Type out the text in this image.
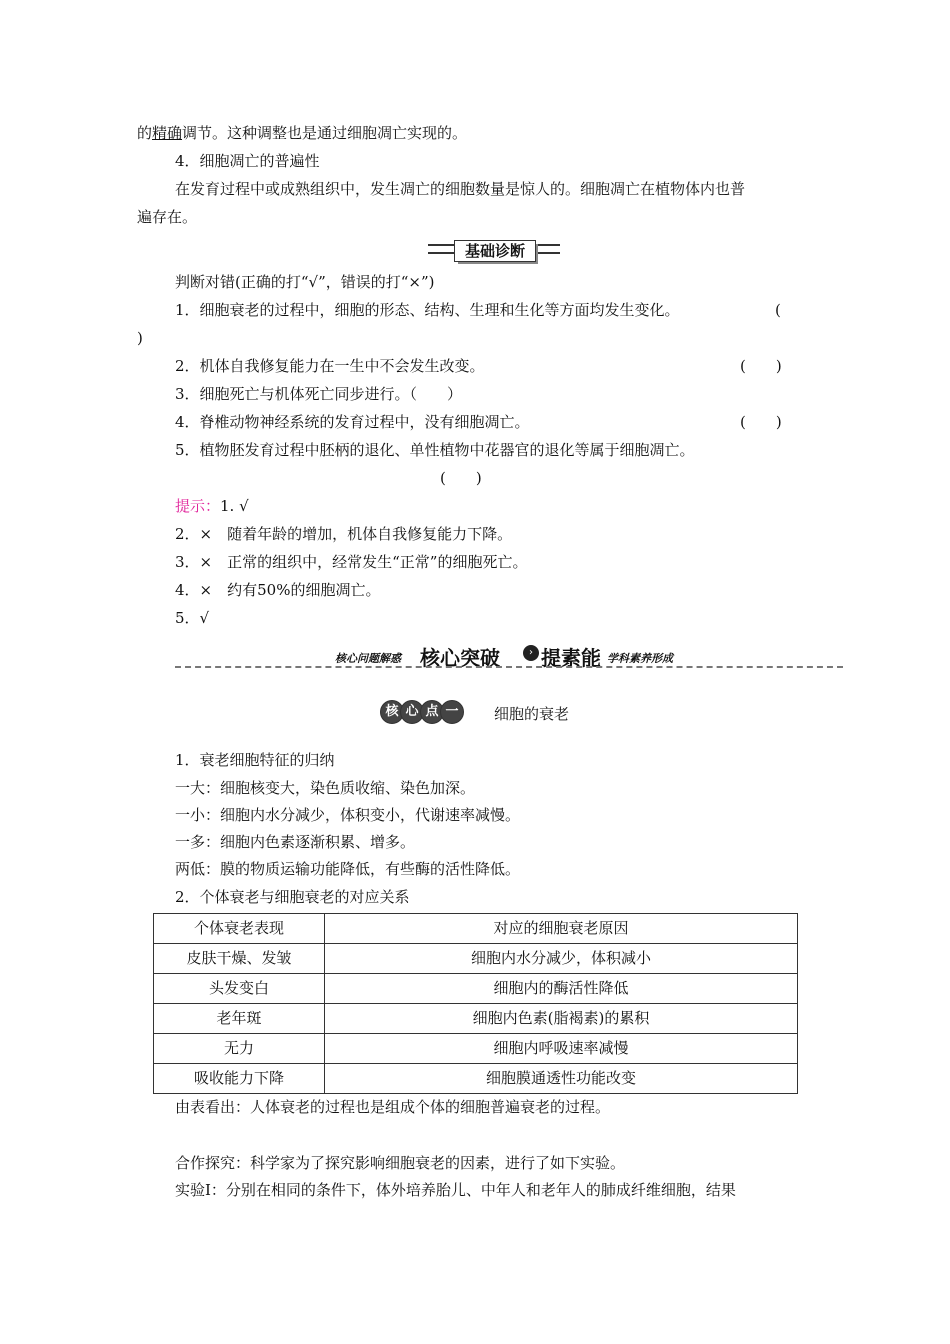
的精确调节。这种调整也是通过细胞凋亡实现的。
4．细胞凋亡的普遍性
在发育过程中或成熟组织中，发生凋亡的细胞数量是惊人的。细胞凋亡在植物体内也普
遍存在。
基础诊断
判断对错(正确的打“√”，错误的打“×”)
1．细胞衰老的过程中，细胞的形态、结构、生理和生化等方面均发生变化。	(
)
2．机体自我修复能力在一生中不会发生改变。	(　　)
3．细胞死亡与机体死亡同步进行。（　　）
4．脊椎动物神经系统的发育过程中，没有细胞凋亡。	(　　)
5．植物胚发育过程中胚柄的退化、单性植物中花器官的退化等属于细胞凋亡。
(　　)
提示：1. √
2．×　随着年龄的增加，机体自我修复能力下降。
3．×　正常的组织中，经常发生“正常”的细胞死亡。
4．×　约有50%的细胞凋亡。
5．√
核心问题解惑 核心突破	› 提素能 学科素养形成
核 心 点 一 细胞的衰老
1．衰老细胞特征的归纳
一大：细胞核变大，染色质收缩、染色加深。
一小：细胞内水分减少，体积变小，代谢速率减慢。
一多：细胞内色素逐渐积累、增多。
两低：膜的物质运输功能降低，有些酶的活性降低。
2．个体衰老与细胞衰老的对应关系
个体衰老表现	对应的细胞衰老原因
皮肤干燥、发皱	细胞内水分减少，体积减小
头发变白	细胞内的酶活性降低
老年斑	细胞内色素(脂褐素)的累积
无力	细胞内呼吸速率减慢
吸收能力下降	细胞膜通透性功能改变
由表看出：人体衰老的过程也是组成个体的细胞普遍衰老的过程。
合作探究：科学家为了探究影响细胞衰老的因素，进行了如下实验。
实验Ⅰ：分别在相同的条件下，体外培养胎儿、中年人和老年人的肺成纤维细胞，结果
